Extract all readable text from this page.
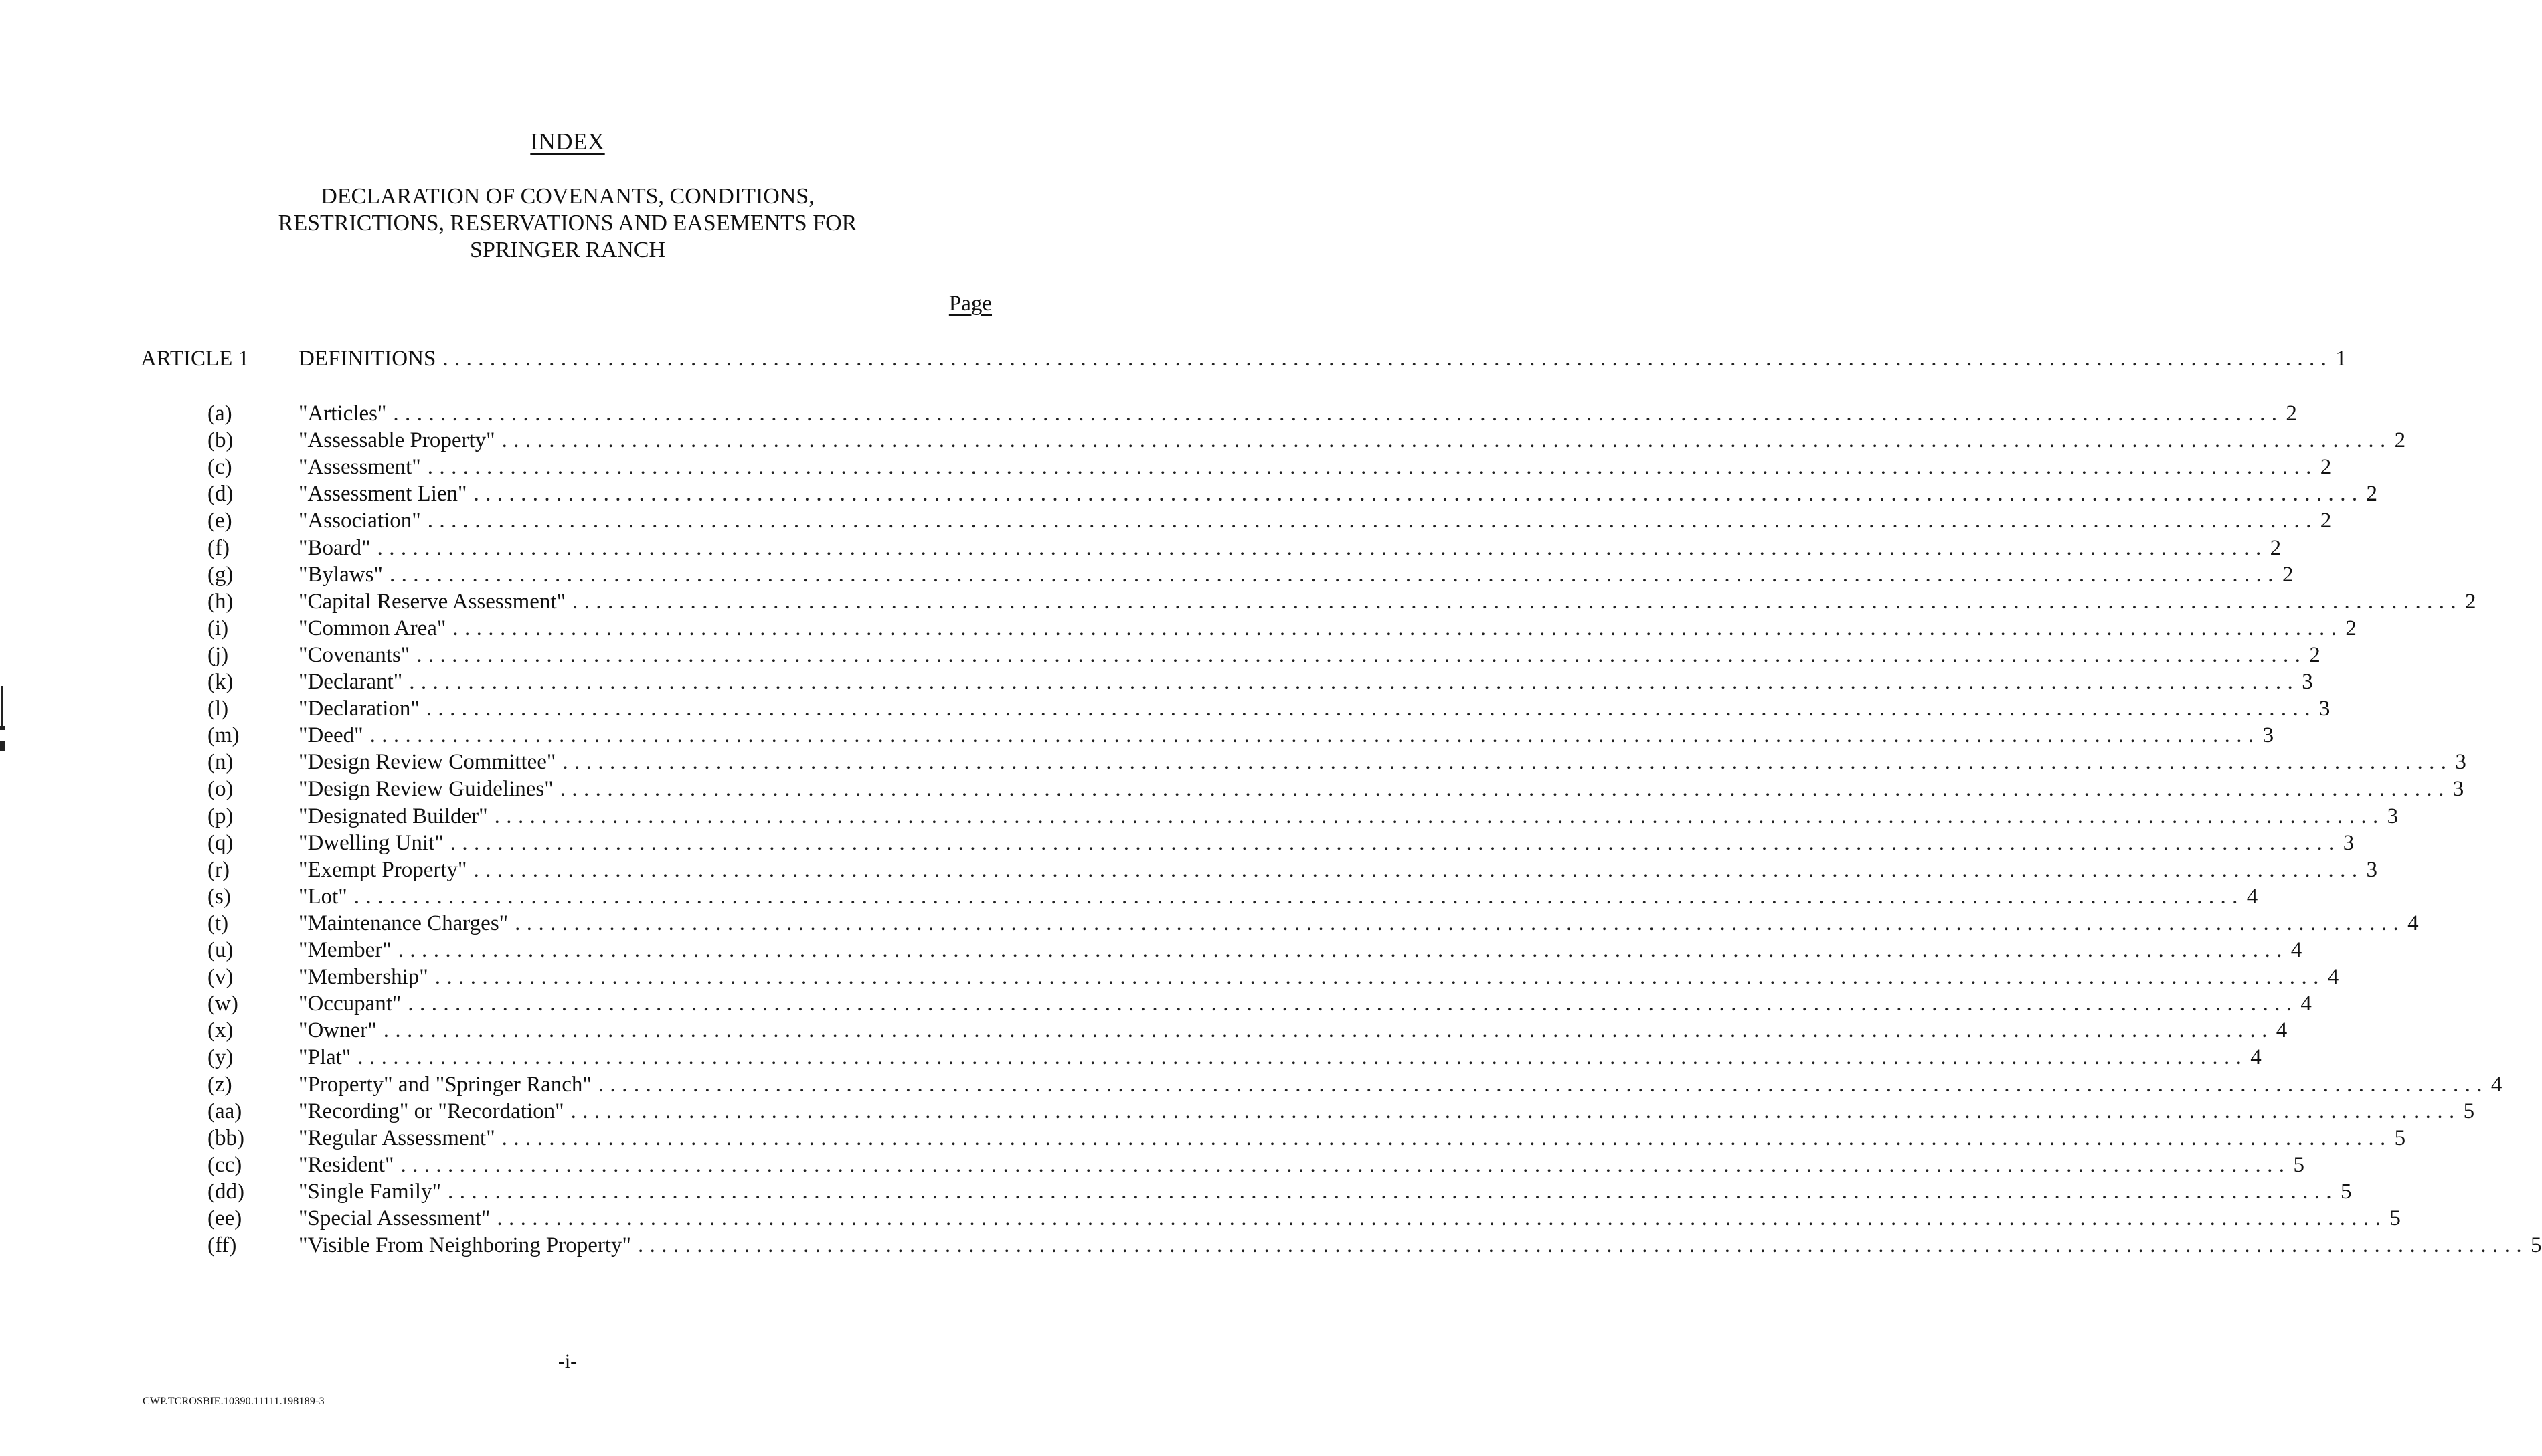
INDEX
DECLARATION OF COVENANTS, CONDITIONS,
RESTRICTIONS, RESERVATIONS AND EASEMENTS FOR
SPRINGER RANCH
Page
ARTICLE 1 DEFINITIONS ................................................................................................................................................................ 1
(a)	"Articles" ................................................................................................................................................................ 2
(b)	"Assessable Property" ................................................................................................................................................................ 2
(c)	"Assessment" ................................................................................................................................................................ 2
(d)	"Assessment Lien" ................................................................................................................................................................ 2
(e)	"Association" ................................................................................................................................................................ 2
(f)	"Board" ................................................................................................................................................................ 2
(g)	"Bylaws" ................................................................................................................................................................ 2
(h)	"Capital Reserve Assessment" ................................................................................................................................................................ 2
(i)	"Common Area" ................................................................................................................................................................ 2
(j)	"Covenants" ................................................................................................................................................................ 2
(k)	"Declarant" ................................................................................................................................................................ 3
(l)	"Declaration" ................................................................................................................................................................ 3
(m)	"Deed" ................................................................................................................................................................ 3
(n)	"Design Review Committee" ................................................................................................................................................................ 3
(o)	"Design Review Guidelines" ................................................................................................................................................................ 3
(p)	"Designated Builder" ................................................................................................................................................................ 3
(q)	"Dwelling Unit" ................................................................................................................................................................ 3
(r)	"Exempt Property" ................................................................................................................................................................ 3
(s)	"Lot" ................................................................................................................................................................ 4
(t)	"Maintenance Charges" ................................................................................................................................................................ 4
(u)	"Member" ................................................................................................................................................................ 4
(v)	"Membership" ................................................................................................................................................................ 4
(w)	"Occupant" ................................................................................................................................................................ 4
(x)	"Owner" ................................................................................................................................................................ 4
(y)	"Plat" ................................................................................................................................................................ 4
(z)	"Property" and "Springer Ranch" ................................................................................................................................................................ 4
(aa)	"Recording" or "Recordation" ................................................................................................................................................................ 5
(bb) "Regular Assessment" ................................................................................................................................................................ 5
(cc)	"Resident" ................................................................................................................................................................ 5
(dd) "Single Family" ................................................................................................................................................................ 5
(ee)	"Special Assessment" ................................................................................................................................................................ 5
(ff)	"Visible From Neighboring Property" ................................................................................................................................................................ 5
-i-
CWP.TCROSBIE.10390.11111.198189-3
